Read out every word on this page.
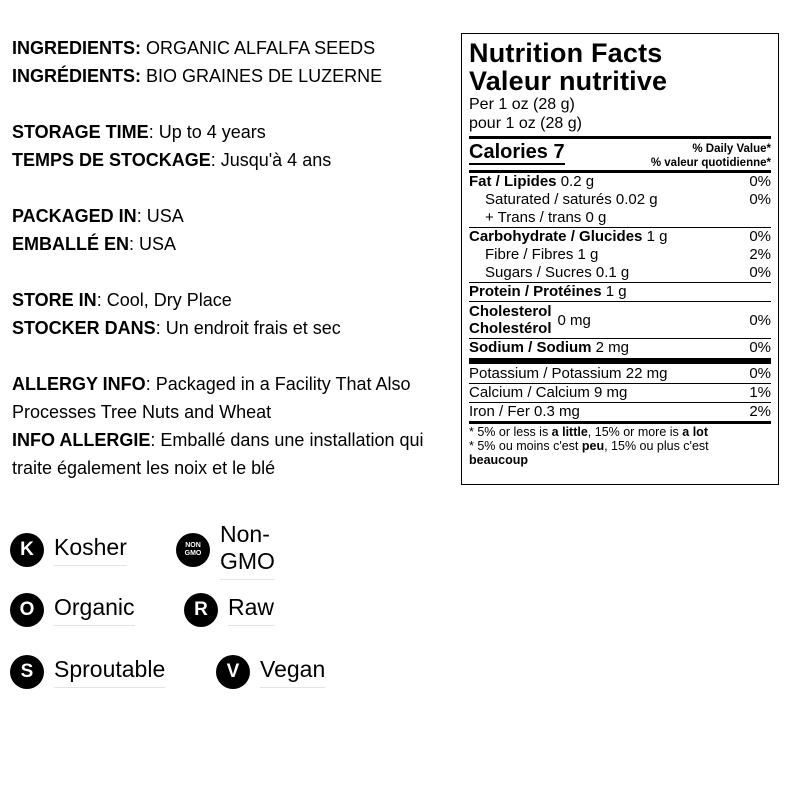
INGREDIENTS: ORGANIC ALFALFA SEEDS
INGRÉDIENTS: BIO GRAINES DE LUZERNE
STORAGE TIME: Up to 4 years
TEMPS DE STOCKAGE: Jusqu'à 4 ans
PACKAGED IN: USA
EMBALLÉ EN: USA
STORE IN: Cool, Dry Place
STOCKER DANS: Un endroit frais et sec
ALLERGY INFO: Packaged in a Facility That Also Processes Tree Nuts and Wheat
INFO ALLERGIE: Emballé dans une installation qui traite également les noix et le blé
K Kosher	NON
GMO
Non-GMO
O Organic	R Raw
S Sproutable	V Vegan
Nutrition Facts
Valeur nutritive
Per 1 oz (28 g)
pour 1 oz (28 g)
Calories 7	% Daily Value*
% valeur quotidienne*
Fat / Lipides 0.2 g	0%
Saturated / saturés 0.02 g	0%
+ Trans / trans 0 g
Carbohydrate / Glucides 1 g	0%
Fibre / Fibres 1 g	2%
Sugars / Sucres 0.1 g	0%
Protein / Protéines 1 g
Cholesterol
Cholestérol 0 mg	0%
Sodium / Sodium 2 mg	0%
Potassium / Potassium 22 mg	0%
Calcium / Calcium 9 mg	1%
Iron / Fer 0.3 mg	2%
* 5% or less is a little, 15% or more is a lot
* 5% ou moins c'est peu, 15% ou plus c'est beaucoup
